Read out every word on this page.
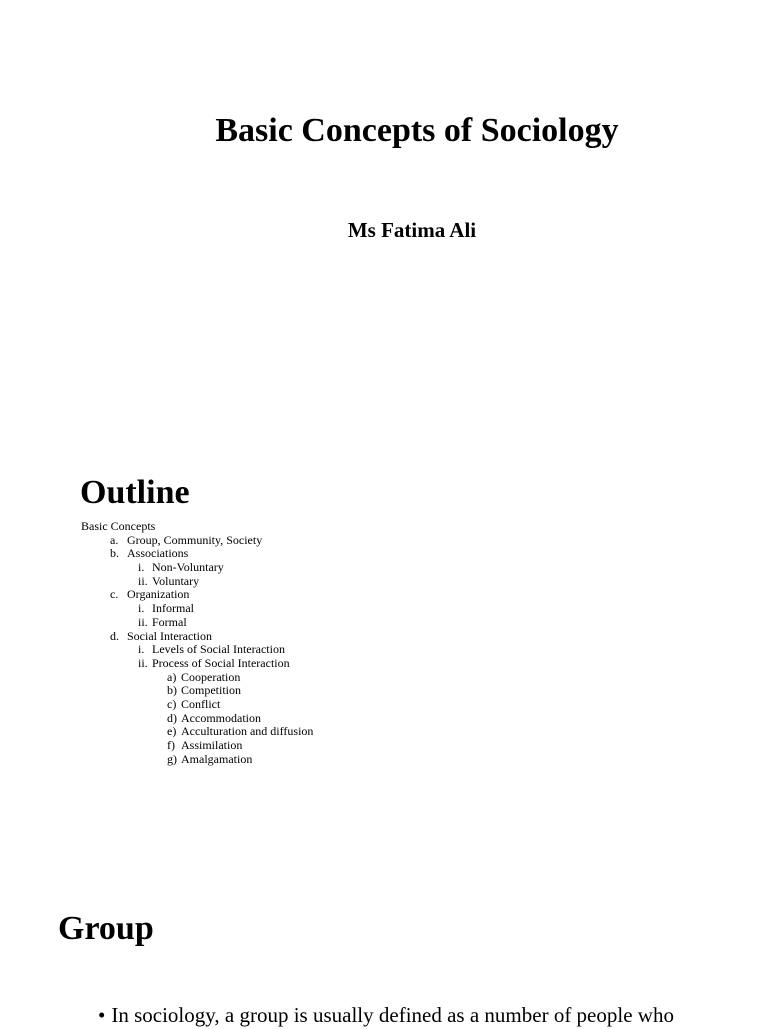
Basic Concepts of Sociology
Ms Fatima Ali
Outline
Basic Concepts
a. Group, Community, Society
b. Associations
i. Non-Voluntary
ii. Voluntary
c. Organization
i. Informal
ii. Formal
d. Social Interaction
i. Levels of Social Interaction
ii. Process of Social Interaction
a) Cooperation
b) Competition
c) Conflict
d) Accommodation
e) Acculturation and diffusion
f) Assimilation
g) Amalgamation
Group
• In sociology, a group is usually defined as a number of people who
